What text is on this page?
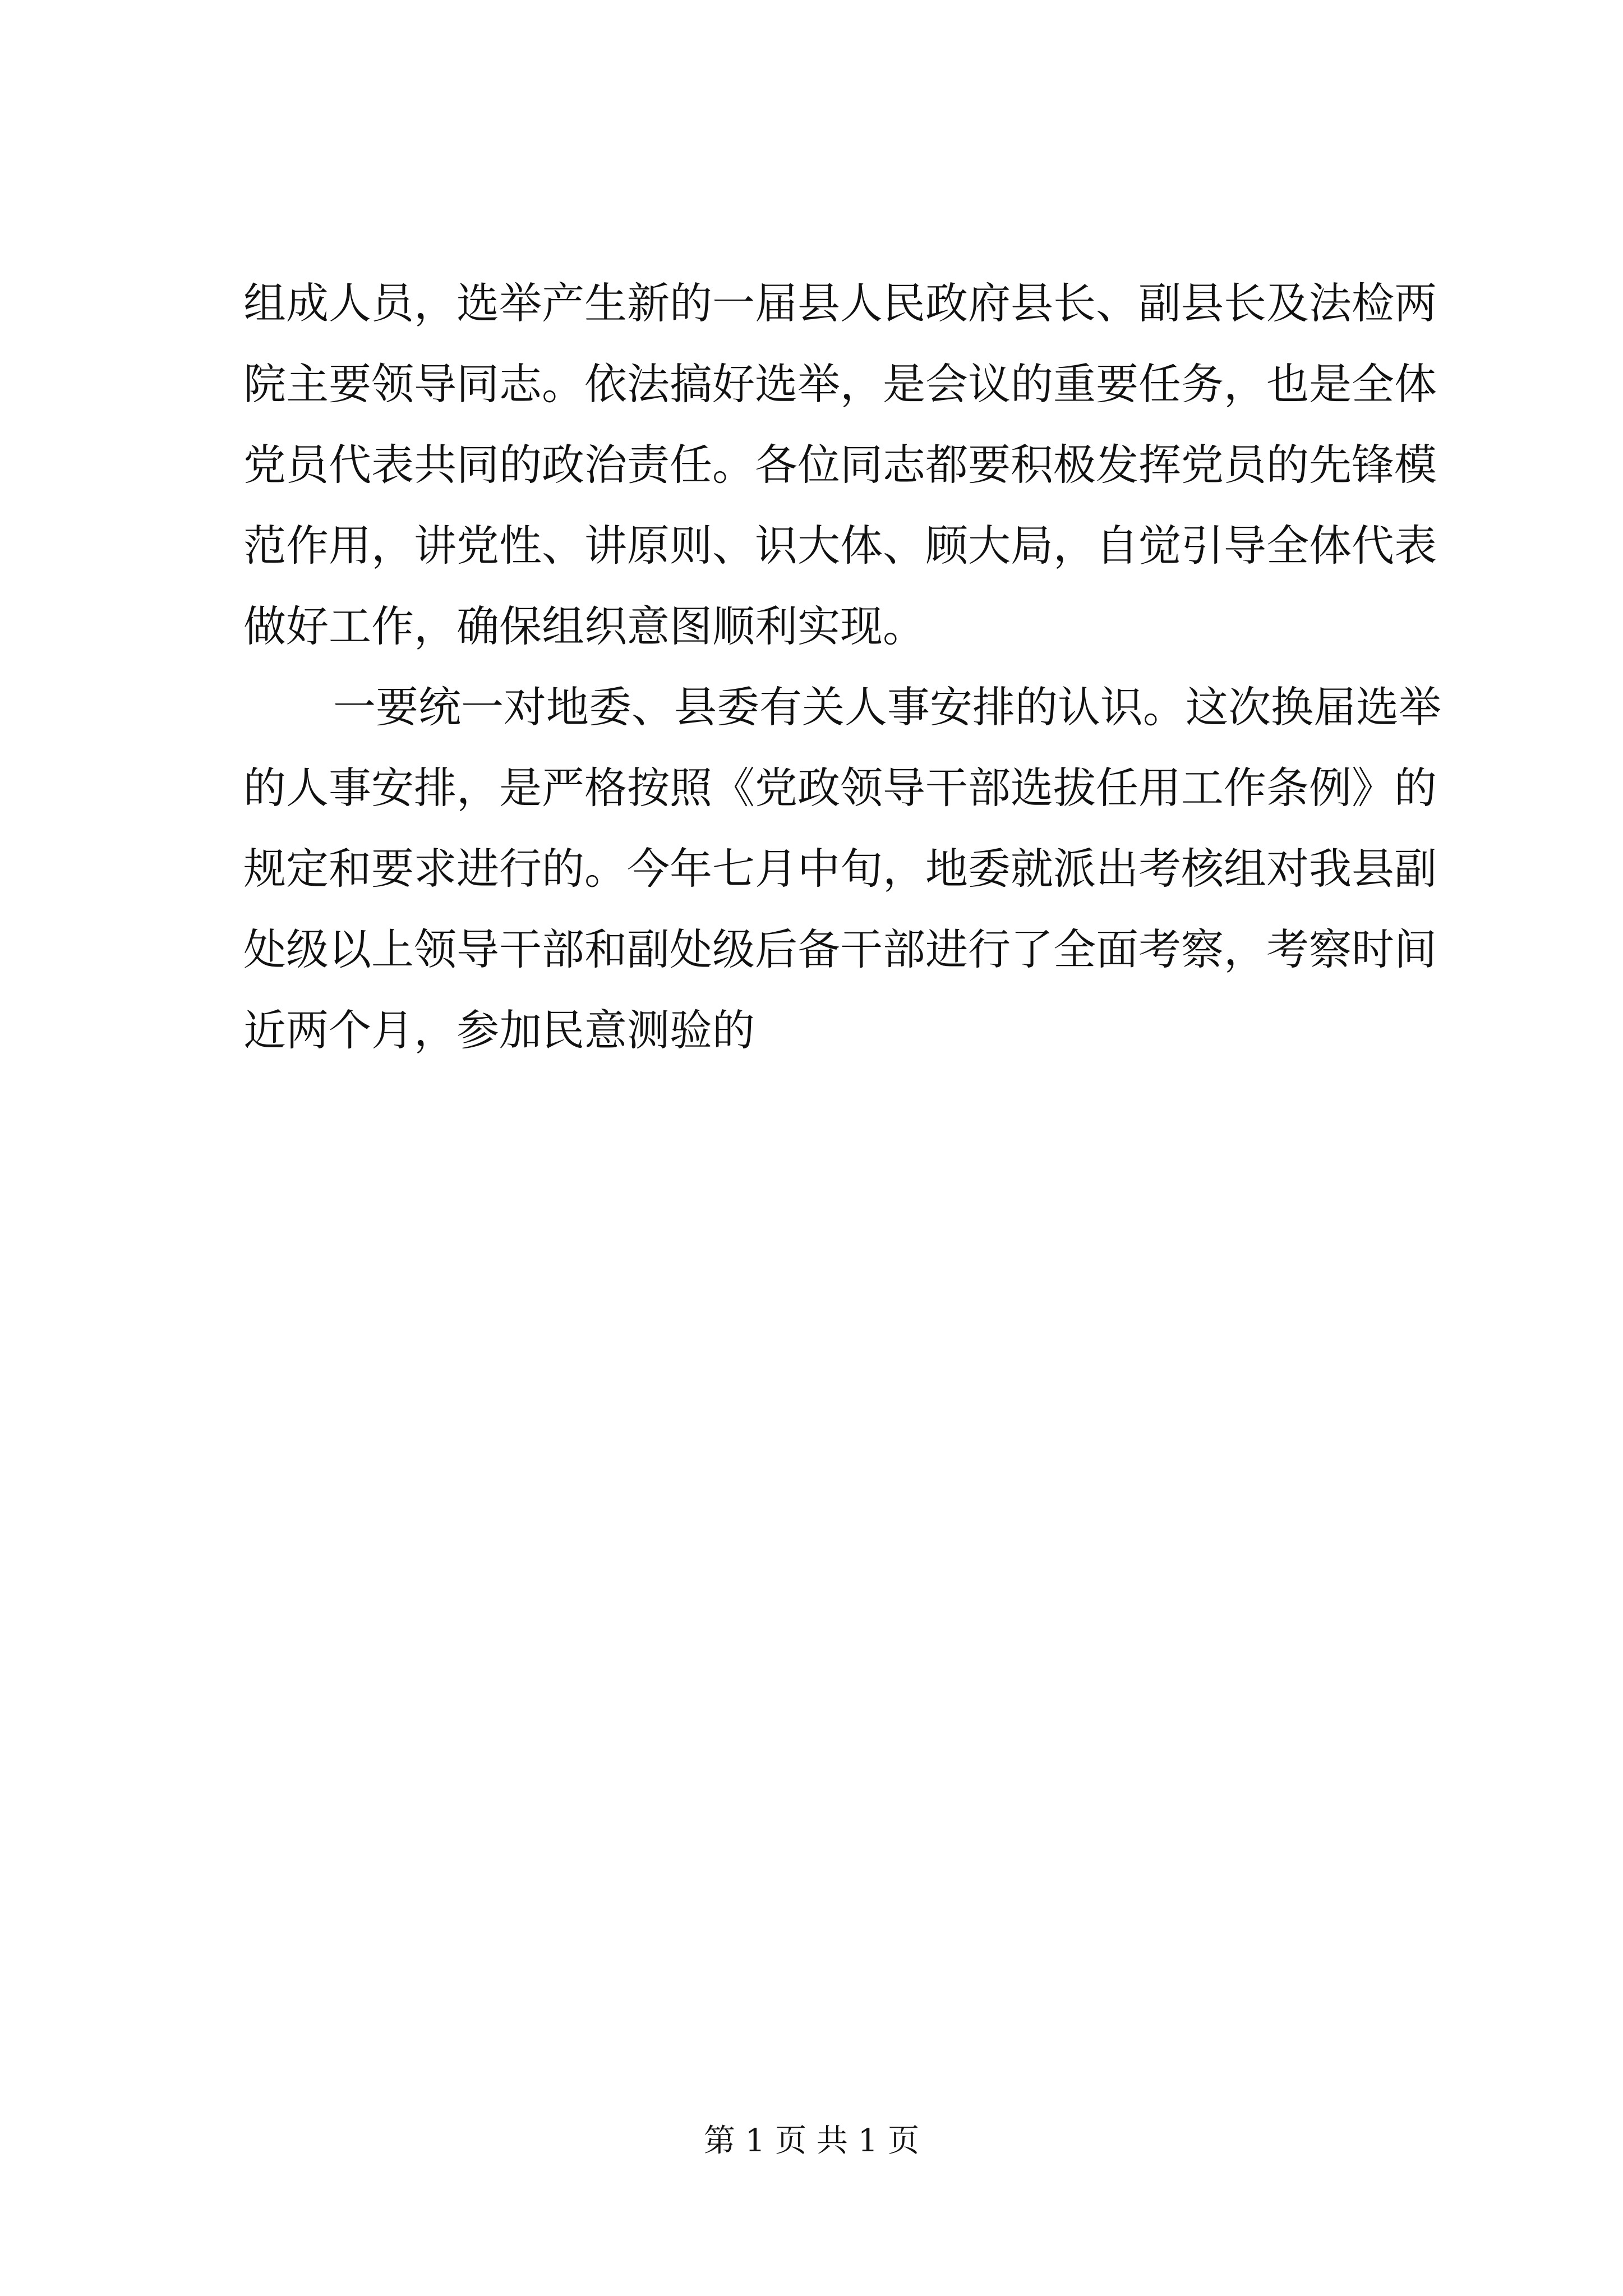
组成人员，选举产生新的一届县人民政府县长、副县长及法检两
院主要领导同志。依法搞好选举，是会议的重要任务，也是全体
党员代表共同的政治责任。各位同志都要积极发挥党员的先锋模
范作用，讲党性、讲原则、识大体、顾大局，自觉引导全体代表
做好工作，确保组织意图顺利实现。
一要统一对地委、县委有关人事安排的认识。这次换届选举
的人事安排，是严格按照《党政领导干部选拔任用工作条例》的
规定和要求进行的。今年七月中旬，地委就派出考核组对我县副
处级以上领导干部和副处级后备干部进行了全面考察，考察时间
近两个月，参加民意测验的
第 1 页 共 1 页
